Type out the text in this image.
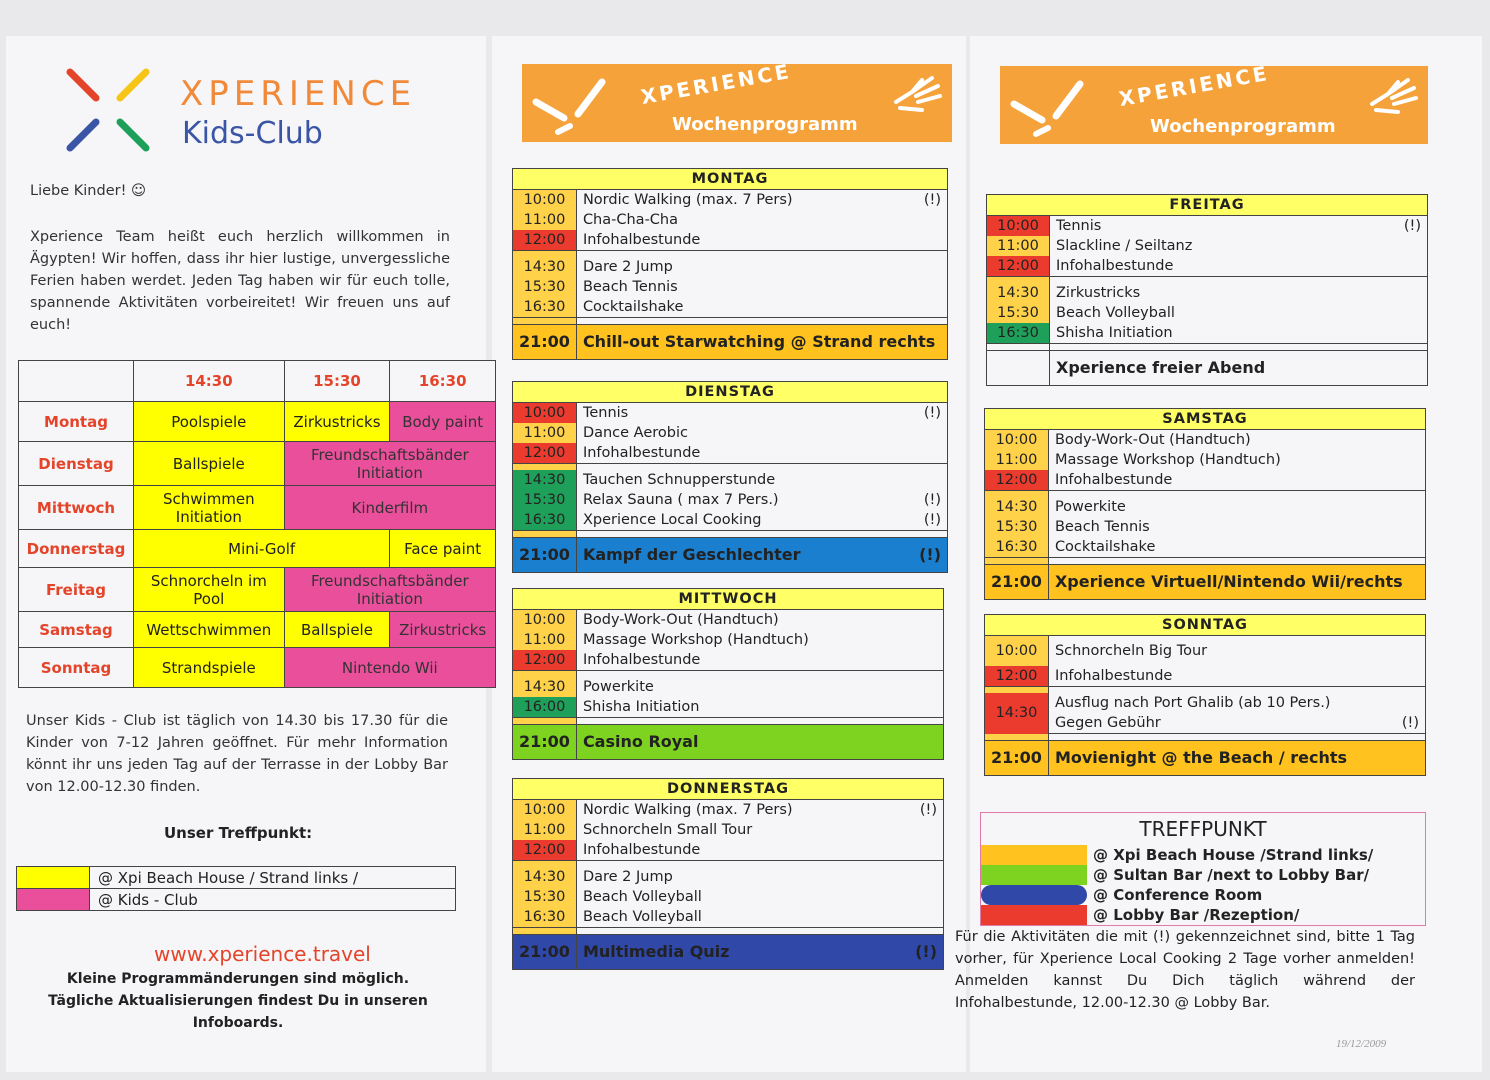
XPERIENCE
Kids-Club
Liebe Kinder! ☺
Xperience Team heißt euch herzlich willkommen in Ägypten! Wir hoffen, dass ihr hier lustige, unvergessliche Ferien haben werdet. Jeden Tag haben wir für euch tolle, spannende Aktivitäten vorbeireitet! Wir freuen uns auf euch!
	14:30	15:30	16:30
Montag	Poolspiele	Zirkustricks	Body paint
Dienstag	Ballspiele	Freundschaftsbänder Initiation	
Mittwoch	Schwimmen Initiation	Kinderfilm	
Donnerstag	Mini-Golf		Face paint
Freitag	Schnorcheln im Pool	Freundschaftsbänder Initiation	
Samstag	Wettschwimmen	Ballspiele	Zirkustricks
Sonntag	Strandspiele	Nintendo Wii	
Unser Kids - Club ist täglich von 14.30 bis 17.30 für die Kinder von 7-12 Jahren geöffnet. Für mehr Information könnt ihr uns jeden Tag auf der Terrasse in der Lobby Bar von 12.00-12.30 finden.
Unser Treffpunkt:
	@ Xpi Beach House / Strand links /
	@ Kids - Club
www.xperience.travel
Kleine Programmänderungen sind möglich. Tägliche Aktualisierungen findest Du in unseren Infoboards.
XPERIENCE
Wochenprogramm
XPERIENCE
Wochenprogramm
MONTAG	
10:00	Nordic Walking (max. 7 Pers) (!)

11:00	Cha-Cha-Cha
12:00	Infohalbestunde

14:30	Dare 2 Jump
15:30	Beach Tennis
16:30	Cocktailshake

21:00	Chill-out Starwatching @ Strand rechts
DIENSTAG	
10:00	Tennis (!)

11:00	Dance Aerobic
12:00	Infohalbestunde

14:30	Tauchen Schnupperstunde
15:30	Relax Sauna ( max 7 Pers.) (!)

16:30	Xperience Local Cooking (!)

21:00	Kampf der Geschlechter (!)
MITTWOCH	
10:00	Body-Work-Out (Handtuch)
11:00	Massage Workshop (Handtuch)
12:00	Infohalbestunde

14:30	Powerkite
16:00	Shisha Initiation

21:00	Casino Royal
DONNERSTAG	
10:00	Nordic Walking (max. 7 Pers) (!)

11:00	Schnorcheln Small Tour
12:00	Infohalbestunde

14:30	Dare 2 Jump
15:30	Beach Volleyball
16:30	Beach Volleyball

21:00	Multimedia Quiz (!)
FREITAG	
10:00	Tennis (!)

11:00	Slackline / Seiltanz
12:00	Infohalbestunde

14:30	Zirkustricks
15:30	Beach Volleyball
16:30	Shisha Initiation

	Xperience freier Abend
SAMSTAG	
10:00	Body-Work-Out (Handtuch)
11:00	Massage Workshop (Handtuch)
12:00	Infohalbestunde

14:30	Powerkite
15:30	Beach Tennis
16:30	Cocktailshake

21:00	Xperience Virtuell/Nintendo Wii/rechts
SONNTAG	
10:00	Schnorcheln Big Tour
12:00	Infohalbestunde

14:30	Ausflug nach Port Ghalib (ab 10 Pers.)
	Gegen Gebühr (!)

21:00	Movienight @ the Beach / rechts
TREFFPUNKT
@ Xpi Beach House /Strand links/
@ Sultan Bar /next to Lobby Bar/
@ Conference Room
@ Lobby Bar /Rezeption/
Für die Aktivitäten die mit (!) gekennzeichnet sind, bitte 1 Tag vorher, für Xperience Local Cooking 2 Tage vorher anmelden! Anmelden kannst Du Dich täglich während der Infohalbestunde, 12.00-12.30 @ Lobby Bar.
19/12/2009
